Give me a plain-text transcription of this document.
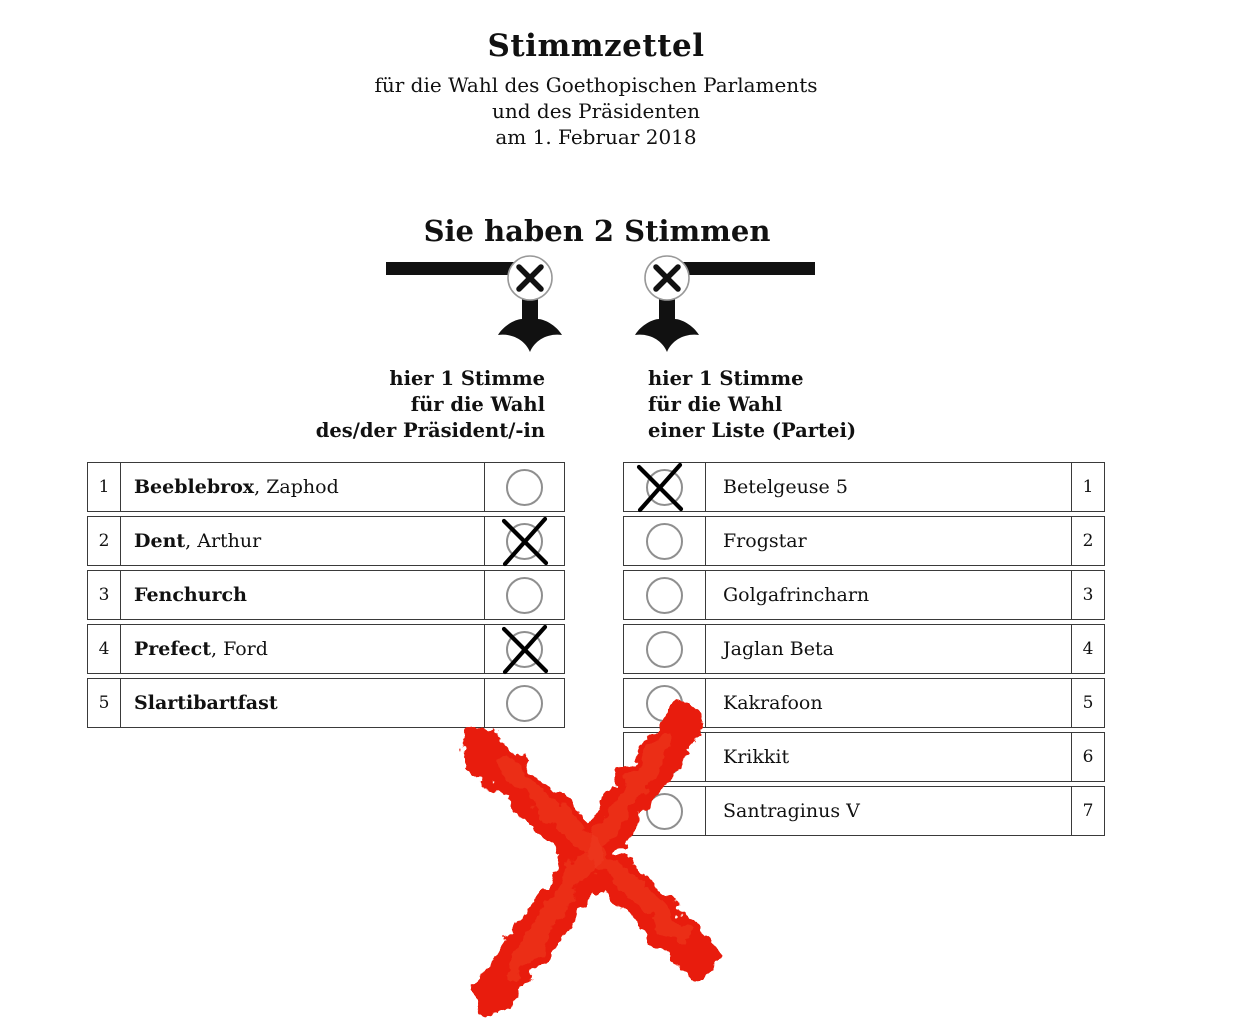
Stimmzettel
für die Wahl des Goethopischen Parlaments
und des Präsidenten
am 1. Februar 2018
Sie haben 2 Stimmen
hier 1 Stimme
für die Wahl
des/der Präsident/-in
hier 1 Stimme
für die Wahl
einer Liste (Partei)
1	Beeblebrox , Zaphod
2	Dent , Arthur
3	Fenchurch
4	Prefect , Ford
5	Slartibartfast
Betelgeuse 5	1
Frogstar	2
Golgafrincharn	3
Jaglan Beta	4
Kakrafoon	5
Krikkit	6
Santraginus V	7
